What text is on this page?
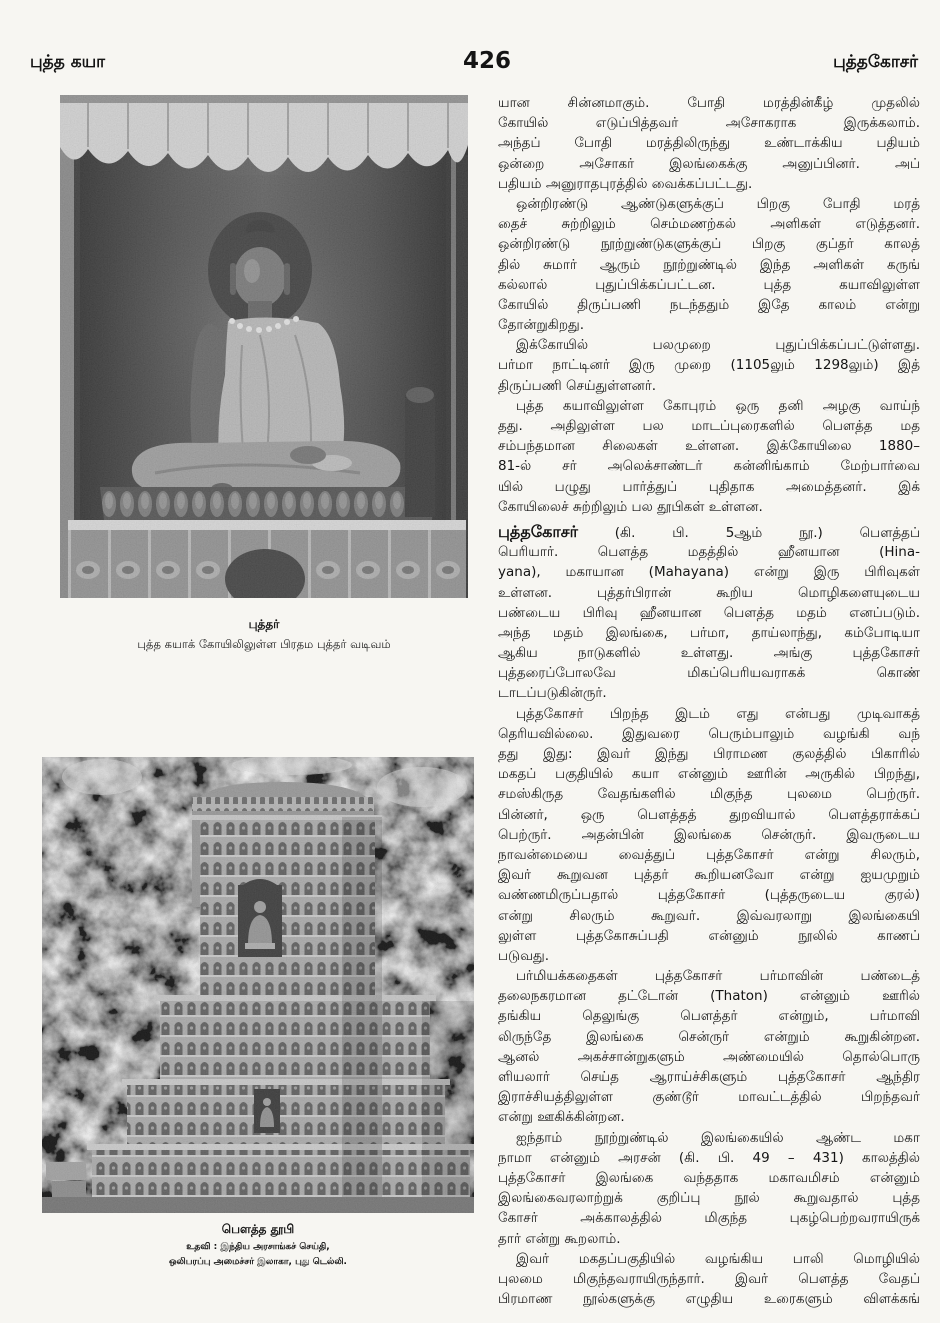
புத்த கயா	426	புத்தகோசர்
புத்தர்
புத்த கயாக் கோயிலிலுள்ள பிரதம புத்தர் வடிவம்
பௌத்த தூபி
உதவி : இந்திய அரசாங்கச் செய்தி,
ஒலிபரப்பு அமைச்சர் இலாகா, புது டெல்லி.
யான சின்னமாகும். போதி மரத்தின்கீழ் முதலில்
கோயில் எடுப்பித்தவர் அசோகராக இருக்கலாம்.
அந்தப் போதி மரத்திலிருந்து உண்டாக்கிய பதியம்
ஒன்றை அசோகர் இலங்கைக்கு அனுப்பினர். அப்
பதியம் அனுராதபுரத்தில் வைக்கப்பட்டது.
ஒன்றிரண்டு ஆண்டுகளுக்குப் பிறகு போதி மரத்
தைச் சுற்றிலும் செம்மணற்கல் அளிகள் எடுத்தனர்.
ஒன்றிரண்டு நூற்றுண்டுகளுக்குப் பிறகு குப்தர் காலத்
தில் சுமார் ஆரும் நூற்றுண்டில் இந்த அளிகள் கருங்
கல்லால் புதுப்பிக்கப்பட்டன. புத்த கயாவிலுள்ள
கோயில் திருப்பணி நடந்ததும் இதே காலம் என்று
தோன்றுகிறது.
இக்கோயில் பலமுறை புதுப்பிக்கப்பட்டுள்ளது.
பர்மா நாட்டினர் இரு முறை (1105லும் 1298லும்) இத்
திருப்பணி செய்துள்ளனர்.
புத்த கயாவிலுள்ள கோபுரம் ஒரு தனி அழகு வாய்ந்
தது. அதிலுள்ள பல மாடப்புரைகளில் பௌத்த மத
சம்பந்தமான சிலைகள் உள்ளன. இக்கோயிலை 1880–
81-ல் சர் அலெக்சாண்டர் கன்னிங்காம் மேற்பார்வை
யில் பழுது பார்த்துப் புதிதாக அமைத்தனர். இக்
கோயிலைச் சுற்றிலும் பல தூபிகள் உள்ளன.
புத்தகோசர்	(கி. பி. 5ஆம் நூ.) பௌத்தப்
பெரியார். பௌத்த மதத்தில் ஹீனயான (Hina-
yana), மகாயான (Mahayana) என்று இரு பிரிவுகள்
உள்ளன. புத்தர்பிரான் கூறிய மொழிகளையுடைய
பண்டைய பிரிவு ஹீனயான பௌத்த மதம் எனப்படும்.
அந்த மதம் இலங்கை, பர்மா, தாய்லாந்து, கம்போடியா
ஆகிய நாடுகளில் உள்ளது. அங்கு புத்தகோசர்
புத்தரைப்போலவே மிகப்பெரியவராகக் கொண்
டாடப்படுகின்ருர்.
புத்தகோசர் பிறந்த இடம் எது என்பது முடிவாகத்
தெரியவில்லை. இதுவரை பெரும்பாலும் வழங்கி வந்
தது இது: இவர் இந்து பிராமண குலத்தில் பிகாரில்
மகதப் பகுதியில் கயா என்னும் ஊரின் அருகில் பிறந்து,
சமஸ்கிருத வேதங்களில் மிகுந்த புலமை பெற்ருர்.
பின்னர், ஒரு பௌத்தத் துறவியால் பௌத்தராக்கப்
பெற்ருர். அதன்பின் இலங்கை சென்ருர். இவருடைய
நாவன்மையை வைத்துப் புத்தகோசர் என்று சிலரும்,
இவர் கூறுவன புத்தர் கூறியனவோ என்று ஐயமுறும்
வண்ணமிருப்பதால் புத்தகோசர் (புத்தருடைய குரல்)
என்று சிலரும் கூறுவர். இவ்வரலாறு இலங்கையி
லுள்ள புத்தகோசுப்பதி என்னும் நூலில் காணப்
படுவது.
பர்மியக்கதைகள் புத்தகோசர் பர்மாவின் பண்டைத்
தலைநகரமான தட்டோன் (Thaton) என்னும் ஊரில்
தங்கிய தெலுங்கு பௌத்தர் என்றும், பர்மாவி
லிருந்தே இலங்கை சென்ருர் என்றும் கூறுகின்றன.
ஆனல் அகச்சான்றுகளும் அண்மையில் தொல்பொரு
ளியலார் செய்த ஆராய்ச்சிகளும் புத்தகோசர் ஆந்திர
இராச்சியத்திலுள்ள குண்டூர் மாவட்டத்தில் பிறந்தவர்
என்று ஊகிக்கின்றன.
ஐந்தாம் நூற்றுண்டில் இலங்கையில் ஆண்ட மகா
நாமா என்னும் அரசன் (கி. பி. 49 – 431) காலத்தில்
புத்தகோசர் இலங்கை வந்ததாக மகாவமிசம் என்னும்
இலங்கைவரலாற்றுக் குறிப்பு நூல் கூறுவதால் புத்த
கோசர் அக்காலத்தில் மிகுந்த புகழ்பெற்றவராயிருக்
தார் என்று கூறலாம்.
இவர் மகதப்பகுதியில் வழங்கிய பாலி மொழியில்
புலமை மிகுந்தவராயிருந்தார். இவர் பௌத்த வேதப்
பிரமாண நூல்களுக்கு எழுதிய உரைகளும் விளக்கங்
